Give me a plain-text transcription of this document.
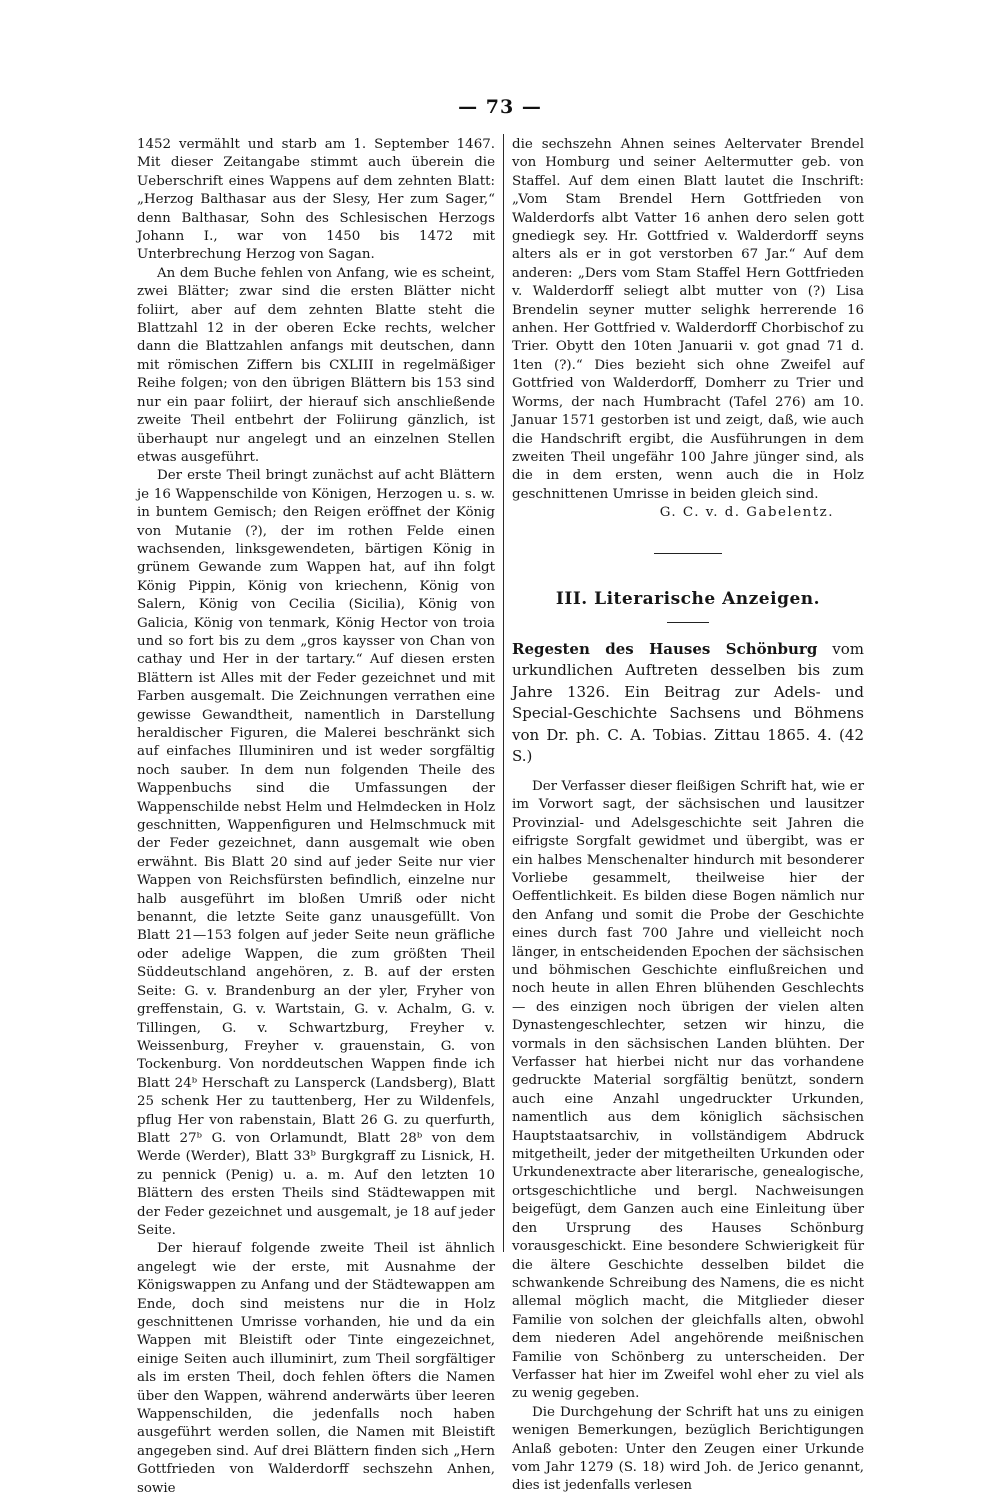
— 73 —

1452 vermählt und starb am 1. September 1467. Mit dieser Zeitangabe stimmt auch überein die Ueberschrift eines Wappens auf dem zehnten Blatt: „Herzog Balthasar aus der Slesy, Her zum Sager,“ denn Balthasar, Sohn des Schlesischen Herzogs Johann I., war von 1450 bis 1472 mit Unterbrechung Herzog von Sagan.

An dem Buche fehlen von Anfang, wie es scheint, zwei Blätter; zwar sind die ersten Blätter nicht foliirt, aber auf dem zehnten Blatte steht die Blattzahl 12 in der oberen Ecke rechts, welcher dann die Blattzahlen anfangs mit deutschen, dann mit römischen Ziffern bis CXLIII in regelmäßiger Reihe folgen; von den übrigen Blättern bis 153 sind nur ein paar foliirt, der hierauf sich anschließende zweite Theil entbehrt der Foliirung gänzlich, ist überhaupt nur angelegt und an einzelnen Stellen etwas ausgeführt.

Der erste Theil bringt zunächst auf acht Blättern je 16 Wappenschilde von Königen, Herzogen u. s. w. in buntem Gemisch; den Reigen eröffnet der König von Mutanie (?), der im rothen Felde einen wachsenden, linksgewendeten, bärtigen König in grünem Gewande zum Wappen hat, auf ihn folgt König Pippin, König von kriechenn, König von Salern, König von Cecilia (Sicilia), König von Galicia, König von tenmark, König Hector von troia und so fort bis zu dem „gros kaysser von Chan von cathay und Her in der tartary.“ Auf diesen ersten Blättern ist Alles mit der Feder gezeichnet und mit Farben ausgemalt. Die Zeichnungen verrathen eine gewisse Gewandtheit, namentlich in Darstellung heraldischer Figuren, die Malerei beschränkt sich auf einfaches Illuminiren und ist weder sorgfältig noch sauber. In dem nun folgenden Theile des Wappenbuchs sind die Umfassungen der Wappenschilde nebst Helm und Helmdecken in Holz geschnitten, Wappenfiguren und Helmschmuck mit der Feder gezeichnet, dann ausgemalt wie oben erwähnt. Bis Blatt 20 sind auf jeder Seite nur vier Wappen von Reichsfürsten befindlich, einzelne nur halb ausgeführt im bloßen Umriß oder nicht benannt, die letzte Seite ganz unausgefüllt. Von Blatt 21—153 folgen auf jeder Seite neun gräfliche oder adelige Wappen, die zum größten Theil Süddeutschland angehören, z. B. auf der ersten Seite: G. v. Brandenburg an der yler, Fryher von greffenstain, G. v. Wartstain, G. v. Achalm, G. v. Tillingen, G. v. Schwartzburg, Freyher v. Weissenburg, Freyher v. grauenstain, G. von Tockenburg. Von norddeutschen Wappen finde ich Blatt 24ᵇ Herschaft zu Lansperck (Landsberg), Blatt 25 schenk Her zu tauttenberg, Her zu Wildenfels, pflug Her von rabenstain, Blatt 26 G. zu querfurth, Blatt 27ᵇ G. von Orlamundt, Blatt 28ᵇ von dem Werde (Werder), Blatt 33ᵇ Burgkgraff zu Lisnick, H. zu pennick (Penig) u. a. m. Auf den letzten 10 Blättern des ersten Theils sind Städtewappen mit der Feder gezeichnet und ausgemalt, je 18 auf jeder Seite.

Der hierauf folgende zweite Theil ist ähnlich angelegt wie der erste, mit Ausnahme der Königswappen zu Anfang und der Städtewappen am Ende, doch sind meistens nur die in Holz geschnittenen Umrisse vorhanden, hie und da ein Wappen mit Bleistift oder Tinte eingezeichnet, einige Seiten auch illuminirt, zum Theil sorgfältiger als im ersten Theil, doch fehlen öfters die Namen über den Wappen, während anderwärts über leeren Wappenschilden, die jedenfalls noch haben ausgeführt werden sollen, die Namen mit Bleistift angegeben sind. Auf drei Blättern finden sich „Hern Gottfrieden von Walderdorff sechszehn Anhen, sowie

die sechszehn Ahnen seines Aeltervater Brendel von Homburg und seiner Aeltermutter geb. von Staffel. Auf dem einen Blatt lautet die Inschrift: „Vom Stam Brendel Hern Gottfrieden von Walderdorfs albt Vatter 16 anhen dero selen gott gnediegk sey. Hr. Gottfried v. Walderdorff seyns alters als er in got verstorben 67 Jar.“ Auf dem anderen: „Ders vom Stam Staffel Hern Gottfrieden v. Walderdorff seliegt albt mutter von (?) Lisa Brendelin seyner mutter selighk herrerende 16 anhen. Her Gottfried v. Walderdorff Chorbischof zu Trier. Obytt den 10ten Januarii v. got gnad 71 d. 1ten (?).“ Dies bezieht sich ohne Zweifel auf Gottfried von Walderdorff, Domherr zu Trier und Worms, der nach Humbracht (Tafel 276) am 10. Januar 1571 gestorben ist und zeigt, daß, wie auch die Handschrift ergibt, die Ausführungen in dem zweiten Theil ungefähr 100 Jahre jünger sind, als die in dem ersten, wenn auch die in Holz geschnittenen Umrisse in beiden gleich sind.

G. C. v. d. Gabelentz.

III. Literarische Anzeigen.

Regesten des Hauses Schönburg vom urkundlichen Auftreten desselben bis zum Jahre 1326. Ein Beitrag zur Adels- und Special-Geschichte Sachsens und Böhmens von Dr. ph. C. A. Tobias. Zittau 1865. 4. (42 S.)

Der Verfasser dieser fleißigen Schrift hat, wie er im Vorwort sagt, der sächsischen und lausitzer Provinzial- und Adelsgeschichte seit Jahren die eifrigste Sorgfalt gewidmet und übergibt, was er ein halbes Menschenalter hindurch mit besonderer Vorliebe gesammelt, theilweise hier der Oeffentlichkeit. Es bilden diese Bogen nämlich nur den Anfang und somit die Probe der Geschichte eines durch fast 700 Jahre und vielleicht noch länger, in entscheidenden Epochen der sächsischen und böhmischen Geschichte einflußreichen und noch heute in allen Ehren blühenden Geschlechts — des einzigen noch übrigen der vielen alten Dynastengeschlechter, setzen wir hinzu, die vormals in den sächsischen Landen blühten. Der Verfasser hat hierbei nicht nur das vorhandene gedruckte Material sorgfältig benützt, sondern auch eine Anzahl ungedruckter Urkunden, namentlich aus dem königlich sächsischen Hauptstaatsarchiv, in vollständigem Abdruck mitgetheilt, jeder der mitgetheilten Urkunden oder Urkundenextracte aber literarische, genealogische, ortsgeschichtliche und bergl. Nachweisungen beigefügt, dem Ganzen auch eine Einleitung über den Ursprung des Hauses Schönburg vorausgeschickt. Eine besondere Schwierigkeit für die ältere Geschichte desselben bildet die schwankende Schreibung des Namens, die es nicht allemal möglich macht, die Mitglieder dieser Familie von solchen der gleichfalls alten, obwohl dem niederen Adel angehörende meißnischen Familie von Schönberg zu unterscheiden. Der Verfasser hat hier im Zweifel wohl eher zu viel als zu wenig gegeben.

Die Durchgehung der Schrift hat uns zu einigen wenigen Bemerkungen, bezüglich Berichtigungen Anlaß geboten: Unter den Zeugen einer Urkunde vom Jahr 1279 (S. 18) wird Joh. de Jerico genannt, dies ist jedenfalls verlesen
